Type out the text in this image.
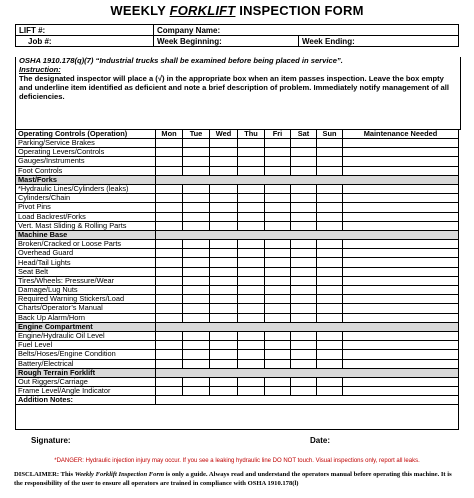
WEEKLY FORKLIFT INSPECTION FORM
LIFT #:	Company Name:	
Job #:	Week Beginning:	Week Ending:
OSHA 1910.178(q)(7) “Industrial trucks shall be examined before being placed in service”.
Instruction:
The designated inspector will place a (√) in the appropriate box when an item passes inspection. Leave the box empty and underline item identified as deficient and note a brief description of problem. Immediately notify management of all deficiencies.
Operating Controls (Operation)	Mon	Tue	Wed	Thu	Fri	Sat	Sun	Maintenance Needed
Parking/Service Brakes								
Operating Levers/Controls								
Gauges/Instruments								
Foot Controls								
Mast/Forks								
*Hydraulic Lines/Cylinders (leaks)								
Cylinders/Chain								
Pivot Pins								
Load Backrest/Forks								
Vert. Mast Sliding & Rolling Parts								
Machine Base								
Broken/Cracked or Loose Parts								
Overhead Guard								
Head/Tail Lights								
Seat Belt								
Tires/Wheels: Pressure/Wear								
Damage/Lug Nuts								
Required Warning Stickers/Load								
Charts/Operator’s Manual								
Back Up Alarm/Horn								
Engine Compartment								
Engine/Hydraulic Oil Level								
Fuel Level								
Belts/Hoses/Engine Condition								
Battery/Electrical								
Rough Terrain Forklift								
Out Riggers/Carriage								
Frame Level/Angle Indicator								
Addition Notes:								

Signature:	Date:
*DANGER: Hydraulic injection injury may occur. If you see a leaking hydraulic line DO NOT touch. Visual inspections only, report all leaks.
DISCLAIMER: This Weekly Forklift Inspection Form is only a guide. Always read and understand the operators manual before operating this machine. It is the responsibility of the user to ensure all operators are trained in compliance with OSHA 1910.178(l)
